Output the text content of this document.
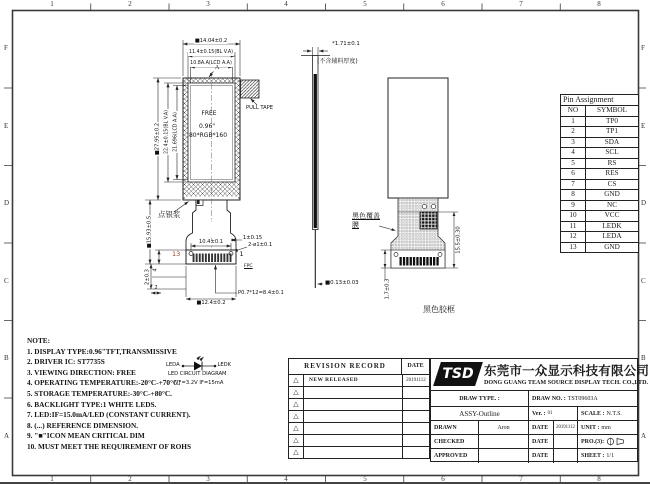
1	2	3	4	5	6	7	8
1	2	3	4	5	6	7	8
F
E
D
C
B
A
F
E
D
C
B
A
■14.04±0.2
11.4±0.15(BL V.A)
10.8A.A(LCD A.A)
A
FREE
0.96"
80*RGB*160
PULL TAPE
■27.95±0.2 22.4±0.15(BL V.A) 21.696(LCD A.A)
■15.93±0.5
点银浆
1±0.15
2-ø1±0.1
10.4±0.1
13	1
FPC
P0.7*12=8.4±0.1
■12.4±0.2
2±0.3 4
2
*1.71±0.1
(不含辅料厚度)
■0.13±0.03
黑色覆盖
膜
15.5±0.30
1.7±0.3
黑色胶框
Pin Assignment
NO	SYMBOL
1	TP0
2	TP1
3	SDA
4	SCL
5	RS
6	RES
7	CS
8	GND
9	NC
10	VCC
11	LEDK
12	LEDA
13	GND
NOTE:
1. DISPLAY TYPE:0.96"TFT,TRANSMISSIVE
2. DRIVER IC: ST7735S
3. VIEWING DIRECTION: FREE
4. OPERATING TEMPERATURE:-20°C-+70°C.
5. STORAGE TEMPERATURE:-30°C-+80°C.
6. BACKLIGHT TYPE:1 WHITE LEDS.
7. LED:IF=15.0mA/LED (CONSTANT CURRENT).
8. (...) REFERENCE DIMENSION.
9. "■"ICON MEAN CRITICAL DIM
10. MUST MEET THE REQUIREMENT OF ROHS
LEDA	LEDK
LED CIRCUIT DIAGRAM
VF=3.2V IF=15mA
REVISION RECORD	DATE
△	NEW RELEASED	20191112
△
△
△
△
△
△
TSD 东莞市一众显示科技有限公司
DONG GUANG TEAM SOURCE DISPLAY TECH. CO.,LTD.
DRAW TYPE. :	DRAW NO. : TST09603A
ASSY-Outline	Ver. : 01	SCALE : N.T.S.
DRAWN	Aron	DATE 20191112 UNIT : mm
CHECKED	DATE	PRO.(3):
APPROVED	DATE	SHEET : 1/1
